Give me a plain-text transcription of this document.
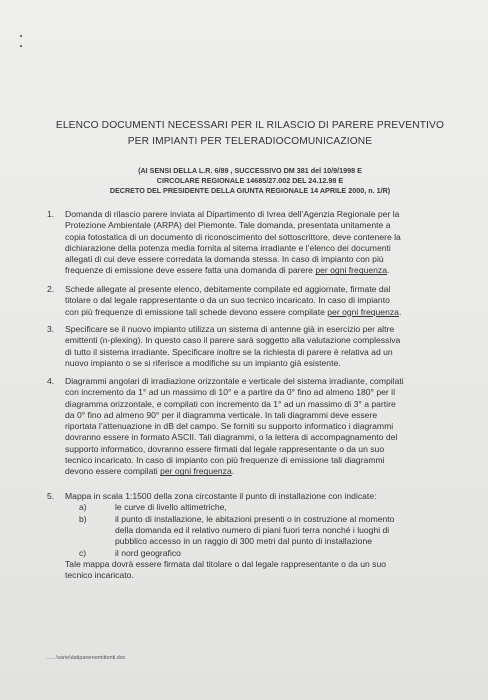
ELENCO DOCUMENTI NECESSARI PER IL RILASCIO DI PARERE PREVENTIVO
PER IMPIANTI PER TELERADIOCOMUNICAZIONE
(AI SENSI DELLA L.R. 6/89 , SUCCESSIVO DM 381 del 10/9/1998 E
CIRCOLARE REGIONALE 14685/27.002 DEL 24.12.98 E
DECRETO DEL PRESIDENTE DELLA GIUNTA REGIONALE 14 APRILE 2000, n. 1/R)
1. Domanda di rilascio parere inviata al Dipartimento di Ivrea dell’Agenzia Regionale per la
Protezione Ambientale (ARPA) del Piemonte. Tale domanda, presentata unitamente a
copia fotostatica di un documento di riconoscimento del sottoscrittore, deve contenere la
dichiarazione della potenza media fornita al sitema irradiante e l’elenco dei documenti
allegati di cui deve essere corredata la domanda stessa. In caso di impianto con più
frequenze di emissione deve essere fatta una domanda di parere per ogni frequenza.
2. Schede allegate al presente elenco, debitamente compilate ed aggiornate, firmate dal
titolare o dal legale rappresentante o da un suo tecnico incaricato. In caso di impianto
con più frequenze di emissione tali schede devono essere compilate per ogni frequenza.
3. Specificare se il nuovo impianto utilizza un sistema di antenne già in esercizio per altre
emittenti (n-plexing). In questo caso il parere sarà soggetto alla valutazione complessiva
di tutto il sistema irradiante. Specificare inoltre se la richiesta di parere è relativa ad un
nuovo impianto o se si riferisce a modifiche su un impianto già esistente.
4. Diagrammi angolari di irradiazione orizzontale e verticale del sistema irradiante, compilati
con incremento da 1° ad un massimo di 10° e a partire da 0° fino ad almeno 180° per il
diagramma orizzontale, e compilati con incremento da 1° ad un massimo di 3° a partire
da 0° fino ad almeno 90° per il diagramma verticale. In tali diagrammi deve essere
riportata l’attenuazione in dB del campo. Se forniti su supporto informatico i diagrammi
dovranno essere in formato ASCII. Tali diagrammi, o la lettera di accompagnamento del
supporto informatico, dovranno essere firmati dal legale rappresentante o da un suo
tecnico incaricato. In caso di impianto con più frequenze di emissione tali diagrammi
devono essere compilati per ogni frequenza.
5. Mappa in scala 1:1500 della zona circostante il punto di installazione con indicate:
a)	le curve di livello altimetriche,
b)	il punto di installazione, le abitazioni presenti o in costruzione al momento
della domanda ed il relativo numero di piani fuori terra nonché i luoghi di
pubblico accesso in un raggio di 300 metri dal punto di installazione
c)	il nord geografico
Tale mappa dovrà essere firmata dal titolare o dal legale rappresentante o da un suo
tecnico incaricato.
......\varie\datiparereemittenti.doc
